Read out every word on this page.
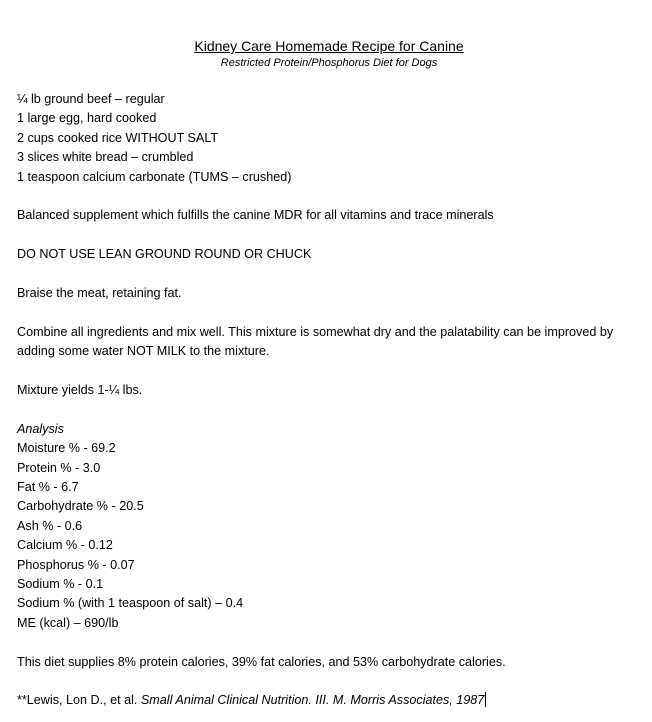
Kidney Care Homemade Recipe for Canine
Restricted Protein/Phosphorus Diet for Dogs

¼ lb ground beef – regular

1 large egg, hard cooked

2 cups cooked rice WITHOUT SALT

3 slices white bread – crumbled

1 teaspoon calcium carbonate (TUMS – crushed)

Balanced supplement which fulfills the canine MDR for all vitamins and trace minerals

DO NOT USE LEAN GROUND ROUND OR CHUCK

Braise the meat, retaining fat.

Combine all ingredients and mix well. This mixture is somewhat dry and the palatability can be improved by adding some water NOT MILK to the mixture.

Mixture yields 1-¼ lbs.

Analysis

Moisture % - 69.2

Protein % - 3.0

Fat % - 6.7

Carbohydrate % - 20.5

Ash % - 0.6

Calcium % - 0.12

Phosphorus % - 0.07

Sodium % - 0.1

Sodium % (with 1 teaspoon of salt) – 0.4

ME (kcal) – 690/lb

This diet supplies 8% protein calories, 39% fat calories, and 53% carbohydrate calories.

**Lewis, Lon D., et al. Small Animal Clinical Nutrition. III. M. Morris Associates, 1987
